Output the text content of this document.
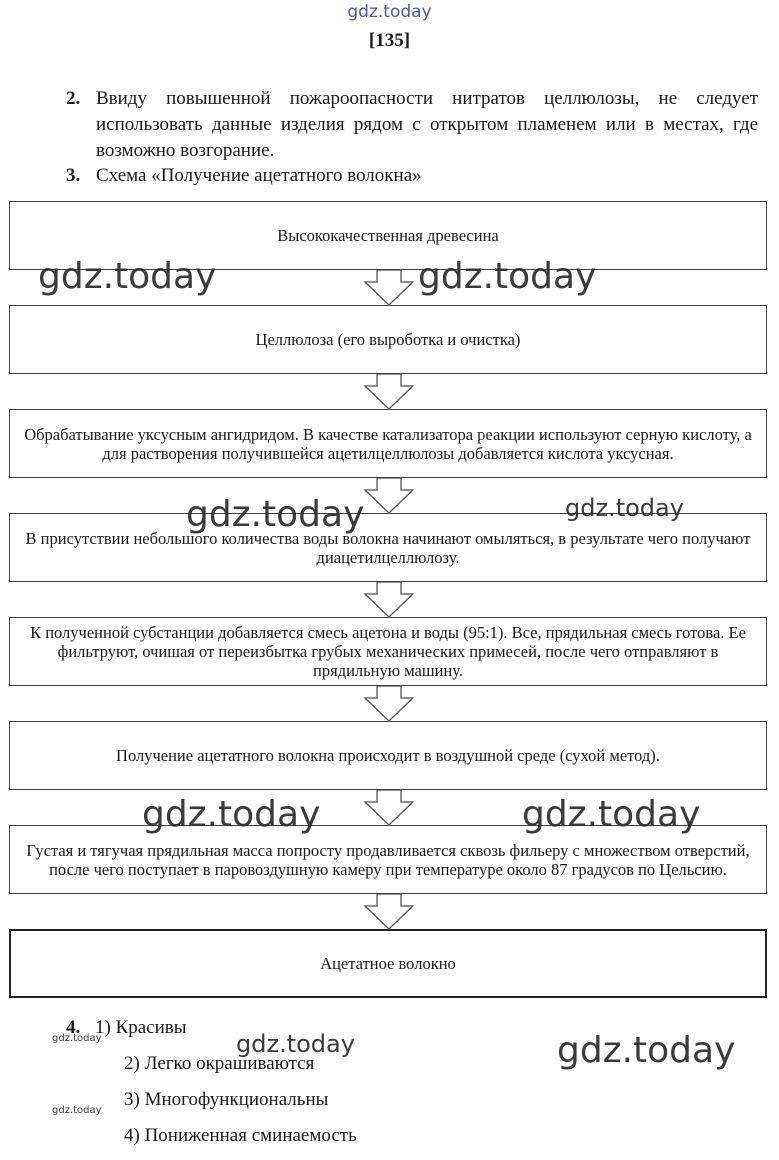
gdz.today
[135]
2. Ввиду повышенной пожароопасности нитратов целлюлозы, не следует использовать данные изделия рядом с открытом пламенем или в местах, где возможно возгорание.
3. Схема «Получение ацетатного волокна»
Высококачественная древесина
Целлюлоза (его выроботка и очистка)
Обрабатывание уксусным ангидридом. В качестве катализатора реакции используют серную кислоту, а для растворения получившейся ацетилцеллюлозы добавляется кислота уксусная.
В присутствии небольшого количества воды волокна начинают омыляться, в результате чего получают диацетилцеллюлозу.
К полученной субстанции добавляется смесь ацетона и воды (95:1). Все, прядильная смесь готова. Ее фильтруют, очишая от переизбытка грубых механических примесей, после чего отправляют в прядильную машину.
Получение ацетатного волокна происходит в воздушной среде (сухой метод).
Густая и тягучая прядильная масса попросту продавливается сквозь фильеру с множеством отверстий, после чего поступает в паровоздушную камеру при температуре около 87 градусов по Цельсию.
Ацетатное волокно
4. 1) Красивы
2) Легко окрашиваются
3) Многофункциональны
4) Пониженная сминаемость
gdz.today	gdz.today
gdz.today	gdz.today
gdz.today	gdz.today
gdz.today	gdz.today	gdz.today
gdz.today
